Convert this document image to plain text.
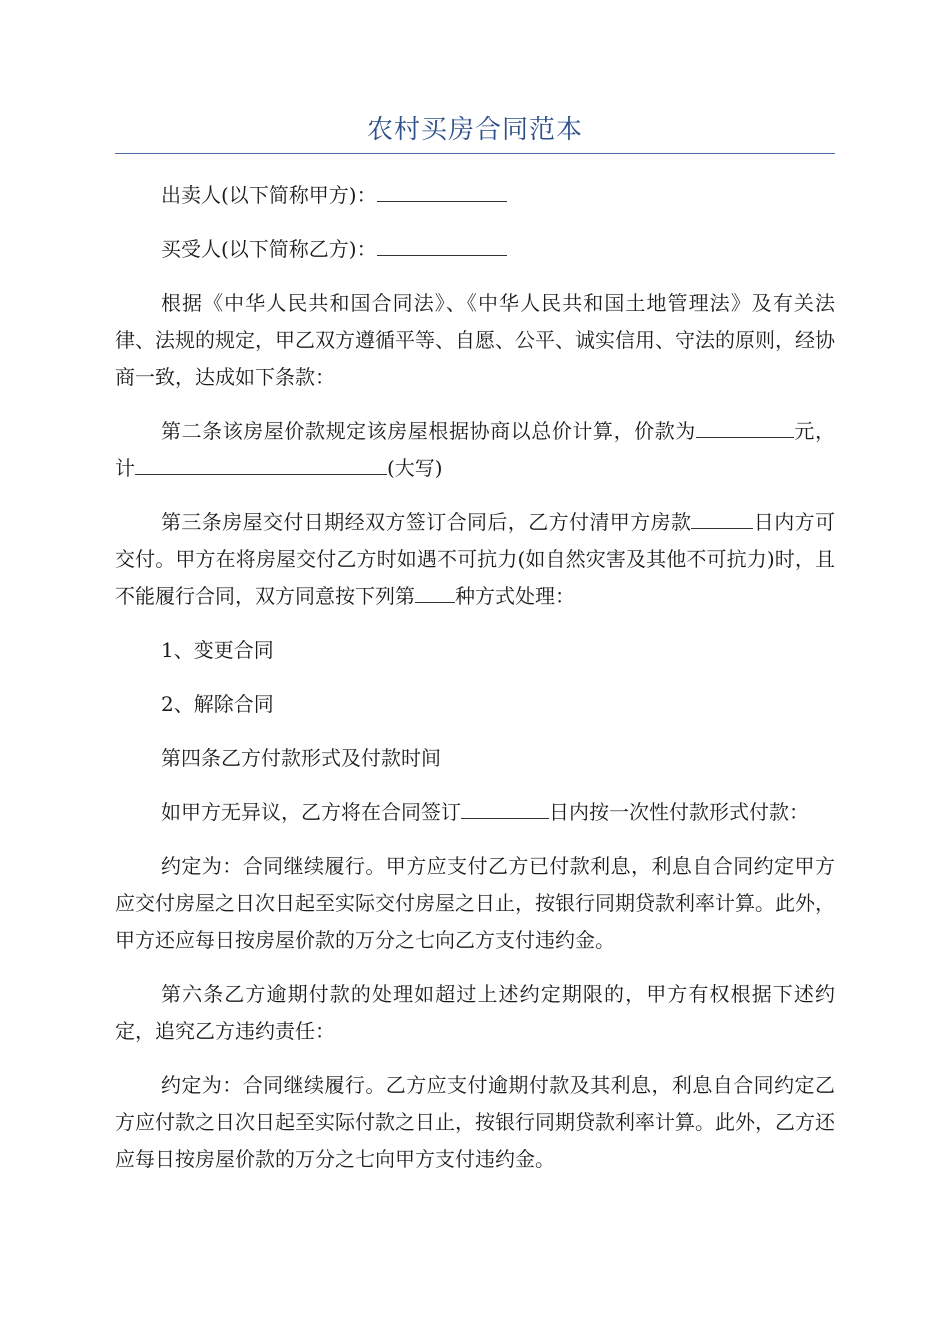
农村买房合同范本

出卖人(以下简称甲方)：

买受人(以下简称乙方)：

根据《中华人民共和国合同法》、《中华人民共和国土地管理法》及有关法律、法规的规定，甲乙双方遵循平等、自愿、公平、诚实信用、守法的原则，经协商一致，达成如下条款：

第二条该房屋价款规定该房屋根据协商以总价计算，价款为	元，计	(大写)

第三条房屋交付日期经双方签订合同后，乙方付清甲方房款	日内方可交付。甲方在将房屋交付乙方时如遇不可抗力(如自然灾害及其他不可抗力)时，且不能履行合同，双方同意按下列第 种方式处理：

1、变更合同

2、解除合同

第四条乙方付款形式及付款时间

如甲方无异议，乙方将在合同签订	日内按一次性付款形式付款：

约定为：合同继续履行。甲方应支付乙方已付款利息，利息自合同约定甲方应交付房屋之日次日起至实际交付房屋之日止，按银行同期贷款利率计算。此外，甲方还应每日按房屋价款的万分之七向乙方支付违约金。

第六条乙方逾期付款的处理如超过上述约定期限的，甲方有权根据下述约定，追究乙方违约责任：

约定为：合同继续履行。乙方应支付逾期付款及其利息，利息自合同约定乙方应付款之日次日起至实际付款之日止，按银行同期贷款利率计算。此外，乙方还应每日按房屋价款的万分之七向甲方支付违约金。
